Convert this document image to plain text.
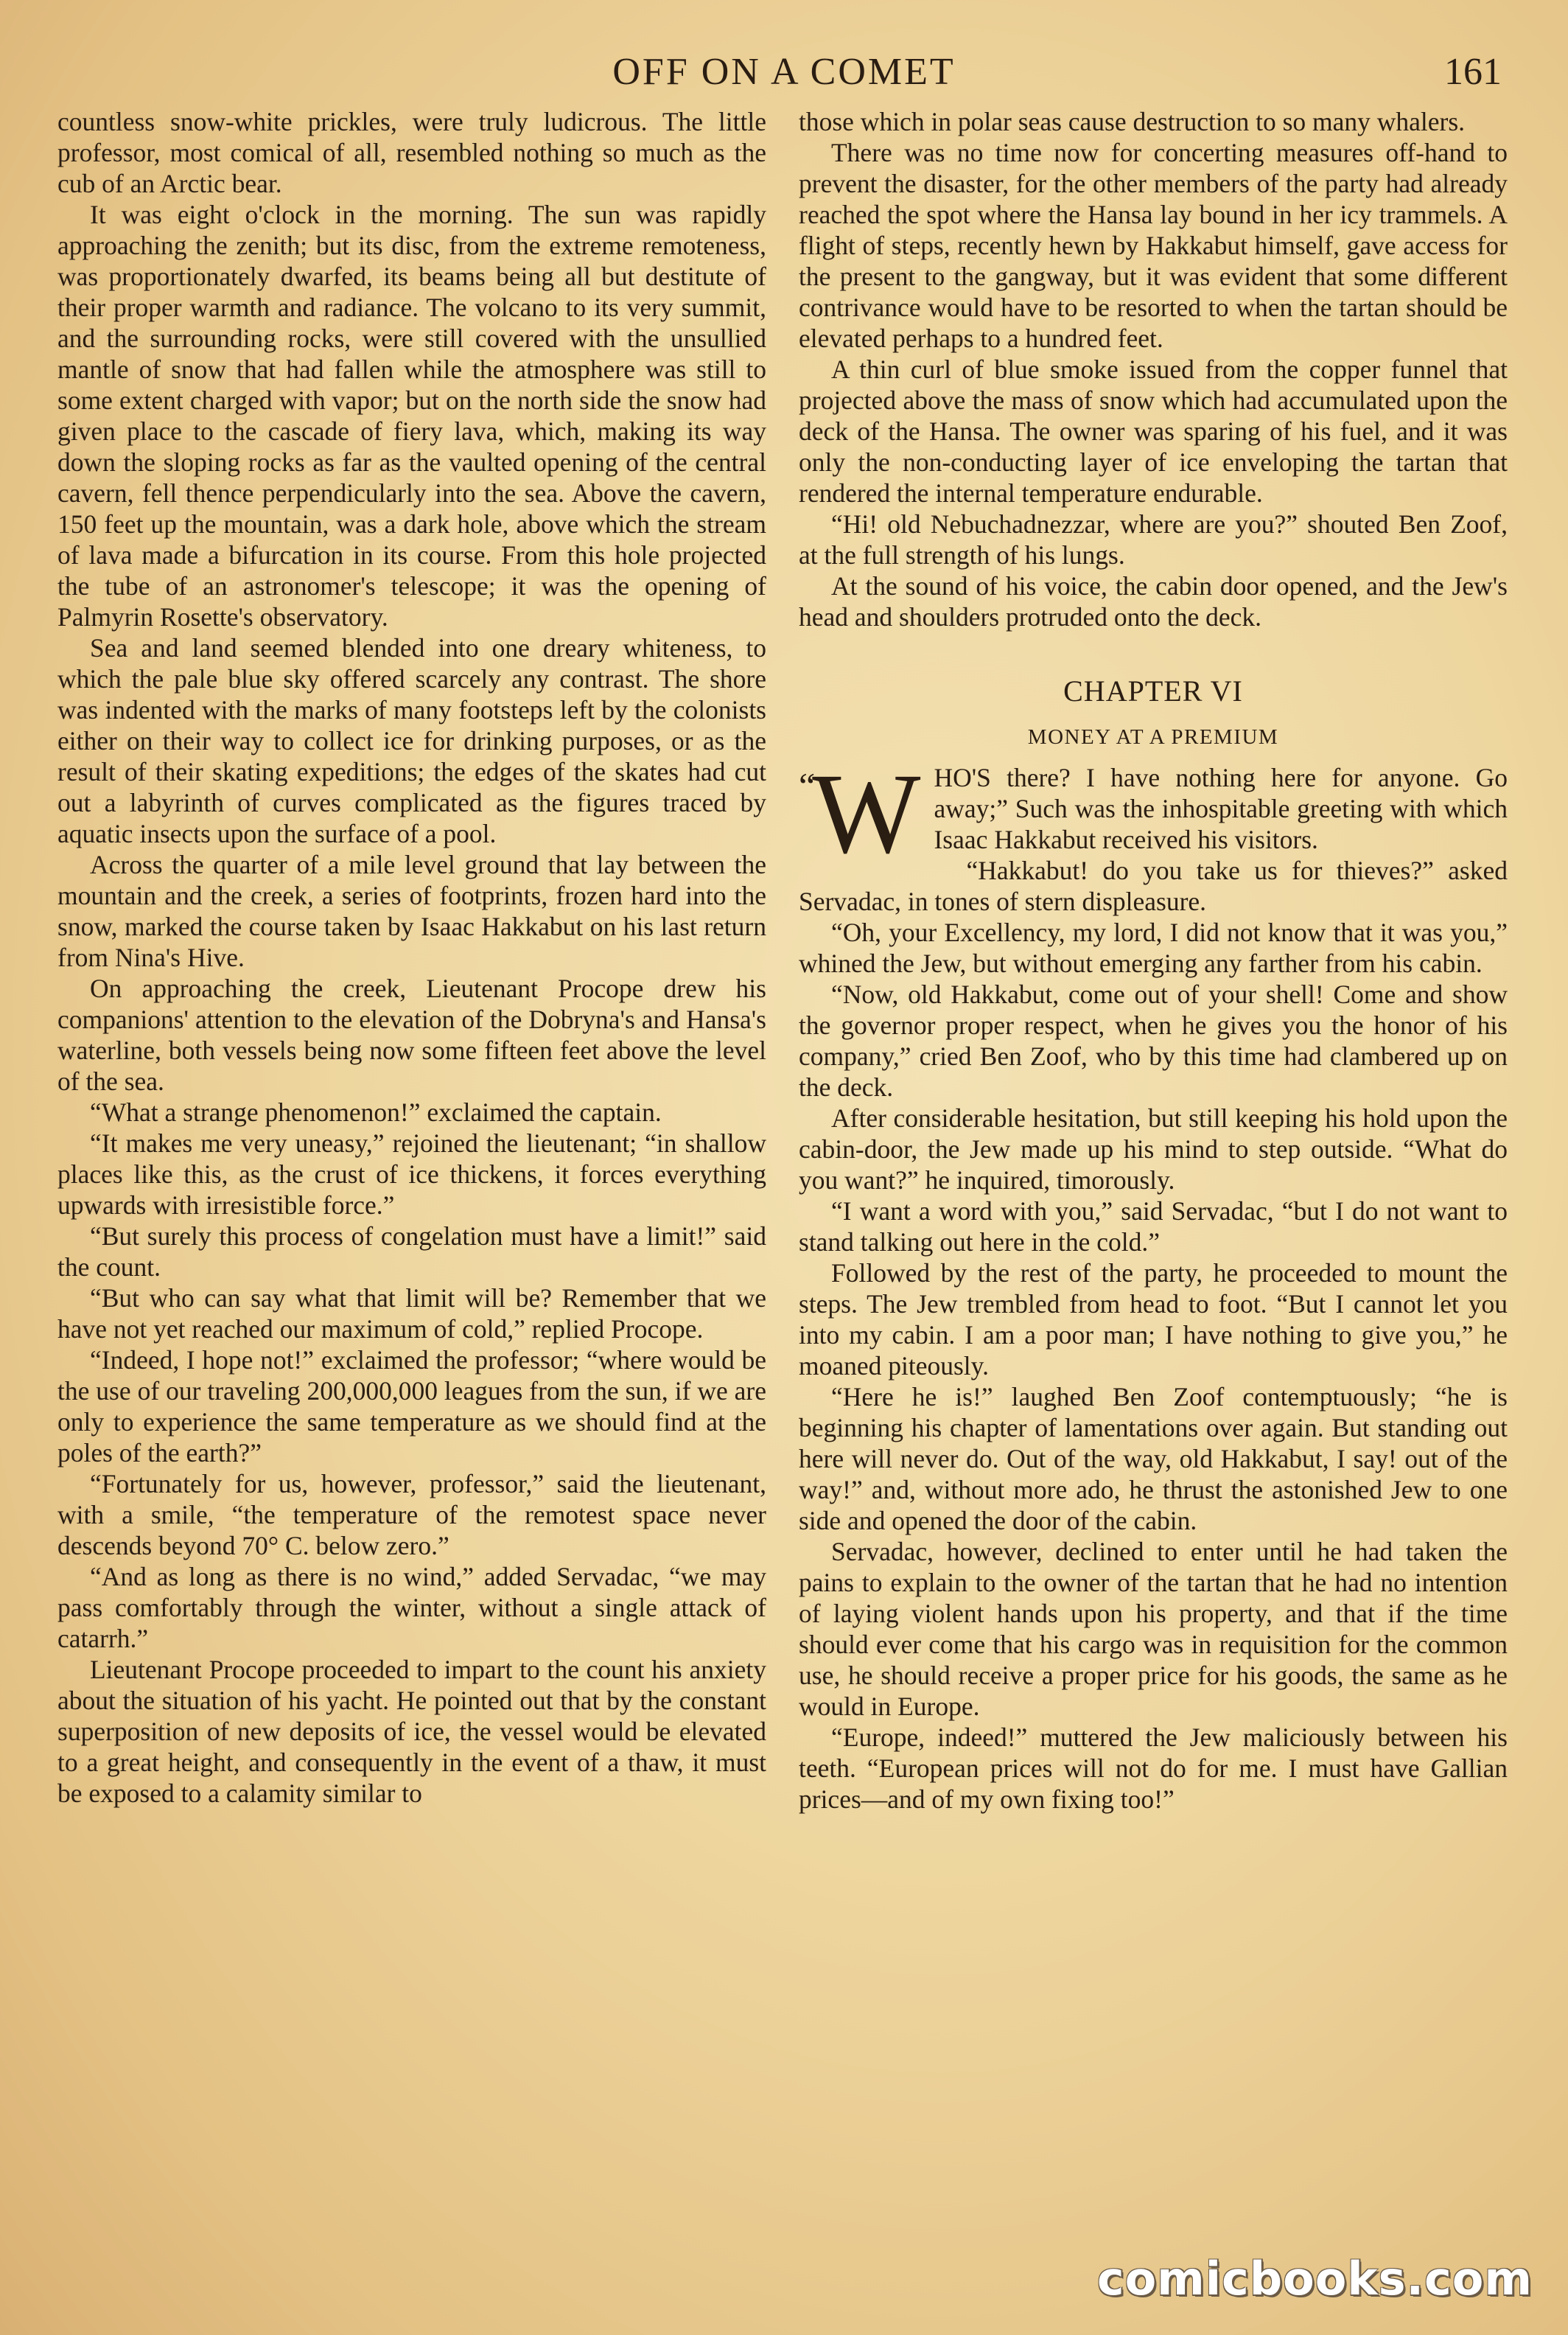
OFF ON A COMET	161

countless snow-white prickles, were truly ludicrous. The little professor, most comical of all, resembled nothing so much as the cub of an Arctic bear.

It was eight o'clock in the morning. The sun was rapidly approaching the zenith; but its disc, from the extreme remoteness, was proportionately dwarfed, its beams being all but destitute of their proper warmth and radiance. The volcano to its very summit, and the surrounding rocks, were still covered with the unsullied mantle of snow that had fallen while the atmosphere was still to some extent charged with vapor; but on the north side the snow had given place to the cascade of fiery lava, which, making its way down the sloping rocks as far as the vaulted opening of the central cavern, fell thence perpendicularly into the sea. Above the cavern, 150 feet up the mountain, was a dark hole, above which the stream of lava made a bifurcation in its course. From this hole projected the tube of an astronomer's telescope; it was the opening of Palmyrin Rosette's observatory.

Sea and land seemed blended into one dreary whiteness, to which the pale blue sky offered scarcely any contrast. The shore was indented with the marks of many footsteps left by the colonists either on their way to collect ice for drinking purposes, or as the result of their skating expeditions; the edges of the skates had cut out a labyrinth of curves complicated as the figures traced by aquatic insects upon the surface of a pool.

Across the quarter of a mile level ground that lay between the mountain and the creek, a series of footprints, frozen hard into the snow, marked the course taken by Isaac Hakkabut on his last return from Nina's Hive.

On approaching the creek, Lieutenant Procope drew his companions' attention to the elevation of the Dobryna's and Hansa's waterline, both vessels being now some fifteen feet above the level of the sea.

“What a strange phenomenon!” exclaimed the captain.

“It makes me very uneasy,” rejoined the lieutenant; “in shallow places like this, as the crust of ice thickens, it forces everything upwards with irresistible force.”

“But surely this process of congelation must have a limit!” said the count.

“But who can say what that limit will be? Remember that we have not yet reached our maximum of cold,” replied Procope.

“Indeed, I hope not!” exclaimed the professor; “where would be the use of our traveling 200,000,000 leagues from the sun, if we are only to experience the same temperature as we should find at the poles of the earth?”

“Fortunately for us, however, professor,” said the lieutenant, with a smile, “the temperature of the remotest space never descends beyond 70° C. below zero.”

“And as long as there is no wind,” added Servadac, “we may pass comfortably through the winter, without a single attack of catarrh.”

Lieutenant Procope proceeded to impart to the count his anxiety about the situation of his yacht. He pointed out that by the constant superposition of new deposits of ice, the vessel would be elevated to a great height, and consequently in the event of a thaw, it must be exposed to a calamity similar to

those which in polar seas cause destruction to so many whalers.

There was no time now for concerting measures off-hand to prevent the disaster, for the other members of the party had already reached the spot where the Hansa lay bound in her icy trammels. A flight of steps, recently hewn by Hakkabut himself, gave access for the present to the gangway, but it was evident that some different contrivance would have to be resorted to when the tartan should be elevated perhaps to a hundred feet.

A thin curl of blue smoke issued from the copper funnel that projected above the mass of snow which had accumulated upon the deck of the Hansa. The owner was sparing of his fuel, and it was only the non-conducting layer of ice enveloping the tartan that rendered the internal temperature endurable.

“Hi! old Nebuchadnezzar, where are you?” shouted Ben Zoof, at the full strength of his lungs.

At the sound of his voice, the cabin door opened, and the Jew's head and shoulders protruded onto the deck.

CHAPTER VI
MONEY AT A PREMIUM

“
W HO'S there? I have nothing here for anyone. Go away;” Such was the inhospitable greeting with which Isaac Hakkabut received his visitors.

“Hakkabut! do you take us for thieves?” asked Servadac, in tones of stern displeasure.

“Oh, your Excellency, my lord, I did not know that it was you,” whined the Jew, but without emerging any farther from his cabin.

“Now, old Hakkabut, come out of your shell! Come and show the governor proper respect, when he gives you the honor of his company,” cried Ben Zoof, who by this time had clambered up on the deck.

After considerable hesitation, but still keeping his hold upon the cabin-door, the Jew made up his mind to step outside. “What do you want?” he inquired, timorously.

“I want a word with you,” said Servadac, “but I do not want to stand talking out here in the cold.”

Followed by the rest of the party, he proceeded to mount the steps. The Jew trembled from head to foot. “But I cannot let you into my cabin. I am a poor man; I have nothing to give you,” he moaned piteously.

“Here he is!” laughed Ben Zoof contemptuously; “he is beginning his chapter of lamentations over again. But standing out here will never do. Out of the way, old Hakkabut, I say! out of the way!” and, without more ado, he thrust the astonished Jew to one side and opened the door of the cabin.

Servadac, however, declined to enter until he had taken the pains to explain to the owner of the tartan that he had no intention of laying violent hands upon his property, and that if the time should ever come that his cargo was in requisition for the common use, he should receive a proper price for his goods, the same as he would in Europe.

“Europe, indeed!” muttered the Jew maliciously between his teeth. “European prices will not do for me. I must have Gallian prices—and of my own fixing too!”

comicbooks.com
